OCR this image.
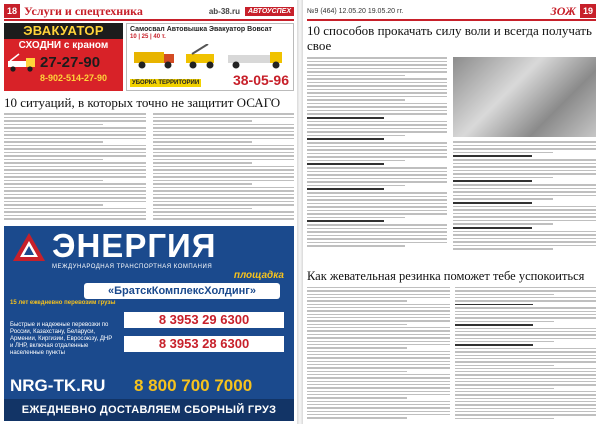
18 Услуги и спецтехника	ab-38.ru	АВТОУСПЕХ
ЭВАКУАТОР
СХОДНИ с краном
27-27-90
8-902-514-27-90
Самосвал Автовышка Эвакуатор Вовсат
10 | 25 | 40 т.
УБОРКА ТЕРРИТОРИИ 38-05-96
10 ситуаций, в которых точно не защитит ОСАГО
ЭНЕРГИЯ
МЕЖДУНАРОДНАЯ ТРАНСПОРТНАЯ КОМПАНИЯ
площадка
«БратскКомплексХолдинг»
15 лет ежедневно перевозим грузы
Быстрые и надежные перевозки по России, Казахстану, Беларуси, Армении, Киргизии, Евросоюзу, ДНР и ЛНР, включая отдаленные населенные пункты
8 3953 29 6300
8 3953 28 6300
NRG-TK.RU 8 800 700 7000
ЕЖЕДНЕВНО ДОСТАВЛЯЕМ СБОРНЫЙ ГРУЗ
№9 (464) 12.05.20 19.05.20 гг.	ЗОЖ 19
10 способов прокачать силу воли и всегда получать свое
Как жевательная резинка поможет тебе успокоиться
